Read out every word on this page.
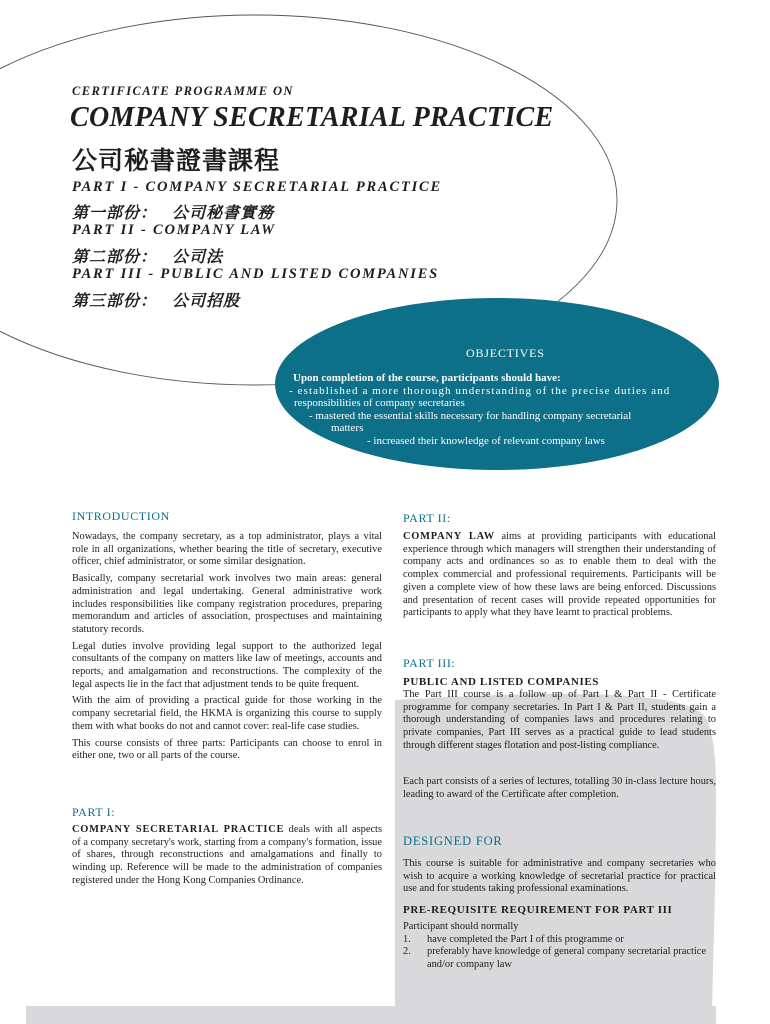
CERTIFICATE PROGRAMME ON
COMPANY SECRETARIAL PRACTICE
公司秘書證書課程
PART I - COMPANY SECRETARIAL PRACTICE
第一部份：   公司秘書實務
PART II - COMPANY LAW
第二部份：   公司法
PART III - PUBLIC AND LISTED COMPANIES
第三部份：   公司招股
OBJECTIVES
Upon completion of the course, participants should have:
- established a more thorough understanding of the precise duties and
responsibilities of company secretaries
- mastered the essential skills necessary for handling company secretarial
matters
- increased their knowledge of relevant company laws
INTRODUCTION

Nowadays, the company secretary, as a top administrator, plays a vital role in all organizations, whether bearing the title of secretary, executive officer, chief administrator, or some similar designation.

Basically, company secretarial work involves two main areas: general administration and legal undertaking. General administrative work includes responsibilities like company registration procedures, preparing memorandum and articles of association, prospectuses and maintaining statutory records.

Legal duties involve providing legal support to the authorized legal consultants of the company on matters like law of meetings, accounts and reports, and amalgamation and reconstructions. The complexity of the legal aspects lie in the fact that adjustment tends to be quite frequent.

With the aim of providing a practical guide for those working in the company secretarial field, the HKMA is organizing this course to supply them with what books do not and cannot cover: real-life case studies.

This course consists of three parts: Participants can choose to enrol in either one, two or all parts of the course.

PART I:

COMPANY SECRETARIAL PRACTICE deals with all aspects of a company secretary's work, starting from a company's formation, issue of shares, through reconstructions and amalgamations and finally to winding up. Reference will be made to the administration of companies registered under the Hong Kong Companies Ordinance.

PART II:

COMPANY LAW aims at providing participants with educational experience through which managers will strengthen their understanding of company acts and ordinances so as to enable them to deal with the complex commercial and professional requirements. Participants will be given a complete view of how these laws are being enforced. Discussions and presentation of recent cases will provide repeated opportunities for participants to apply what they have learnt to practical problems.

PART III:
PUBLIC AND LISTED COMPANIES

The Part III course is a follow up of Part I & Part II - Certificate programme for company secretaries. In Part I & Part II, students gain a thorough understanding of companies laws and procedures relating to private companies, Part III serves as a practical guide to lead students through different stages flotation and post-listing compliance.

Each part consists of a series of lectures, totalling 30 in-class lecture hours, leading to award of the Certificate after completion.

DESIGNED FOR

This course is suitable for administrative and company secretaries who wish to acquire a working knowledge of secretarial practice for practical use and for students taking professional examinations.

PRE-REQUISITE REQUIREMENT FOR PART III
Participant should normally
1. have completed the Part I of this programme or
2. preferably have knowledge of general company secretarial practice and/or company law
